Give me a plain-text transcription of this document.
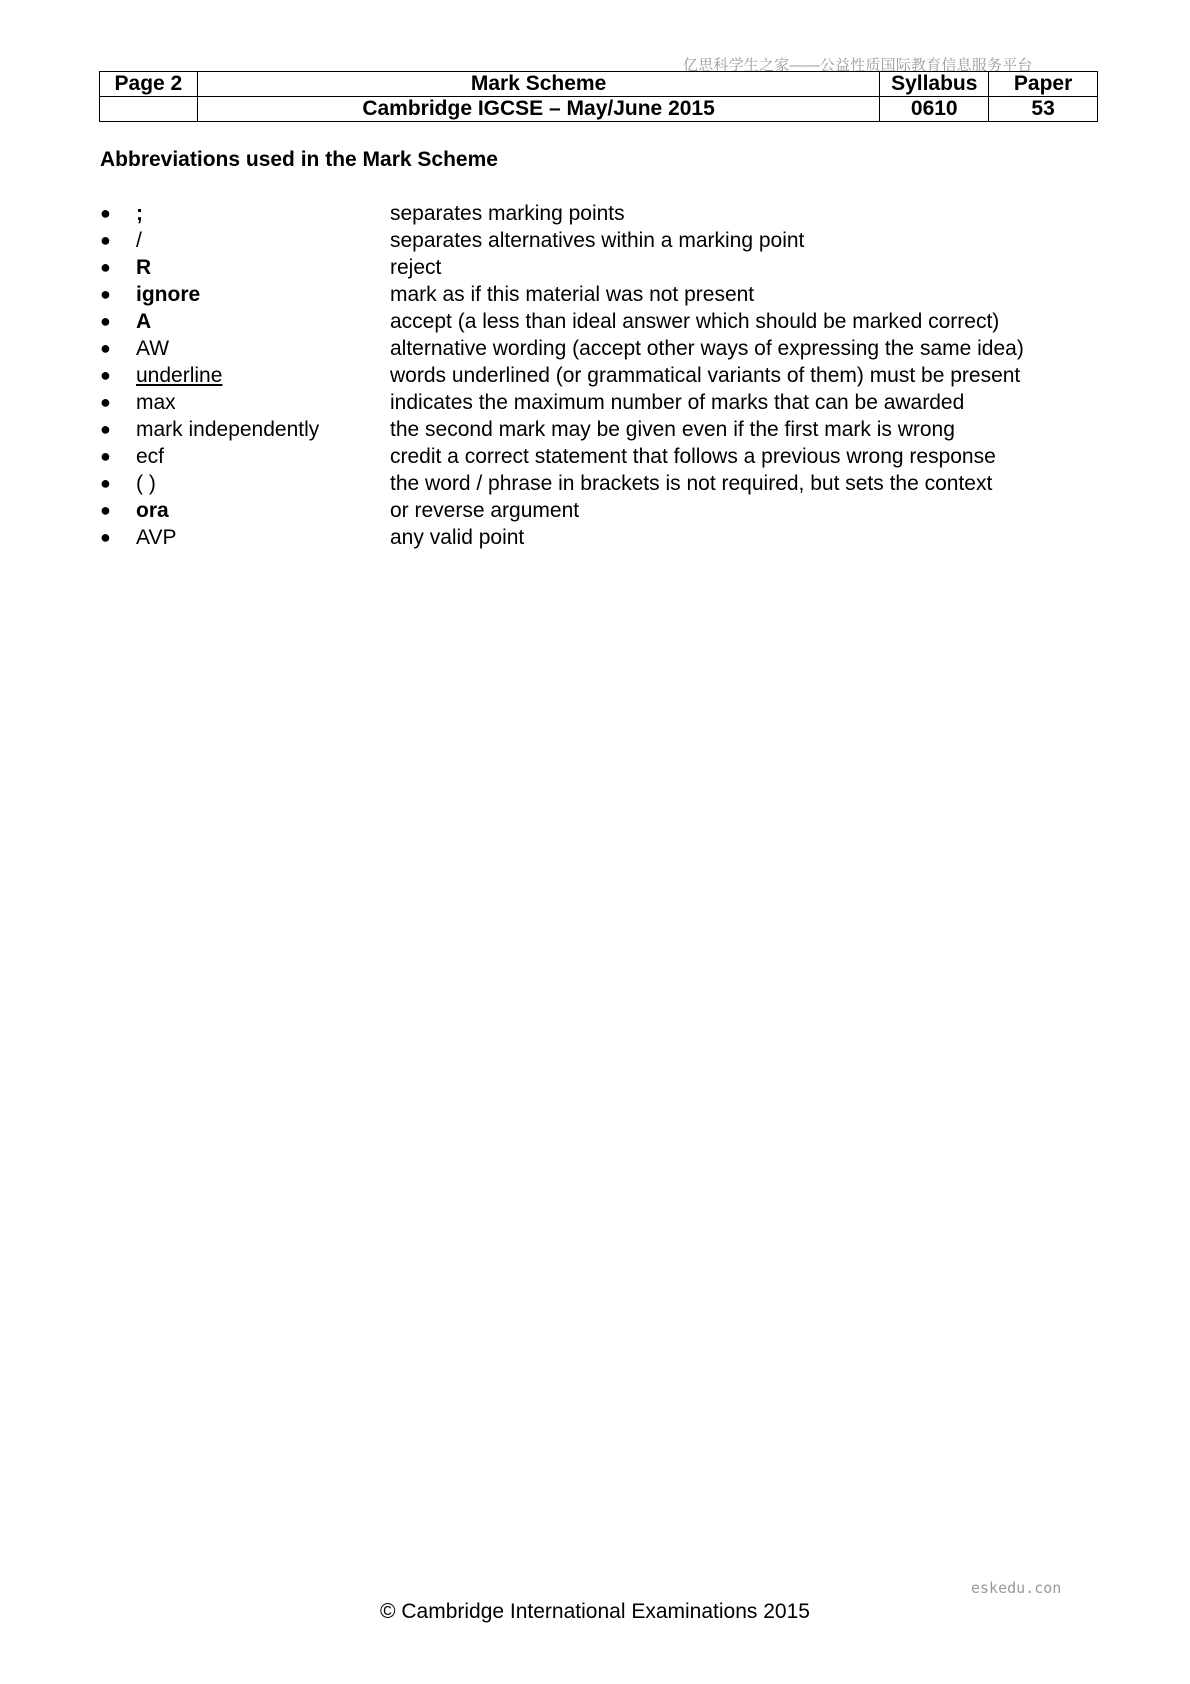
亿思科学生之家——公益性质国际教育信息服务平台
Page 2	Mark Scheme	Syllabus	Paper
	Cambridge IGCSE – May/June 2015	0610	53
Abbreviations used in the Mark Scheme
● ;	separates marking points
● /	separates alternatives within a marking point
● R	reject
● ignore	mark as if this material was not present
● A	accept (a less than ideal answer which should be marked correct)
● AW	alternative wording (accept other ways of expressing the same idea)
● underline	words underlined (or grammatical variants of them) must be present
● max	indicates the maximum number of marks that can be awarded
● mark independently	the second mark may be given even if the first mark is wrong
● ecf	credit a correct statement that follows a previous wrong response
● ( )	the word / phrase in brackets is not required, but sets the context
● ora	or reverse argument
● AVP	any valid point
eskedu.con
© Cambridge International Examinations 2015
